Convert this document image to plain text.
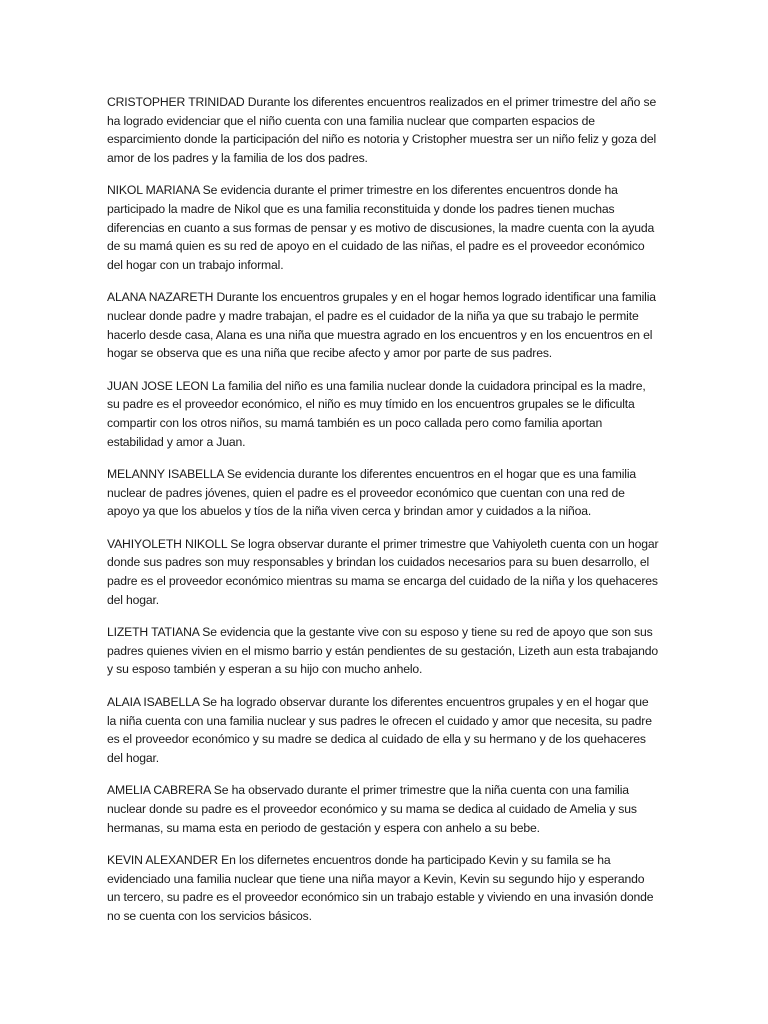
CRISTOPHER TRINIDAD Durante los diferentes encuentros realizados en el primer trimestre del año se ha logrado evidenciar que el niño cuenta con una familia nuclear que comparten espacios de esparcimiento donde la participación del niño es notoria y Cristopher muestra ser un niño feliz y goza del amor de los padres y la familia de los dos padres.

NIKOL MARIANA Se evidencia durante el primer trimestre en los diferentes encuentros donde ha participado la madre de Nikol que es una familia reconstituida y donde los padres tienen muchas diferencias en cuanto a sus formas de pensar y es motivo de discusiones, la madre cuenta con la ayuda de su mamá quien es su red de apoyo en el cuidado de las niñas, el padre es el proveedor económico del hogar con un trabajo informal.

ALANA NAZARETH Durante los encuentros grupales y en el hogar hemos logrado identificar una familia nuclear donde padre y madre trabajan, el padre es el cuidador de la niña ya que su trabajo le permite hacerlo desde casa, Alana es una niña que muestra agrado en los encuentros y en los encuentros en el hogar se observa que es una niña que recibe afecto y amor por parte de sus padres.

JUAN JOSE LEON La familia del niño es una familia nuclear donde la cuidadora principal es la madre, su padre es el proveedor económico, el niño es muy tímido en los encuentros grupales se le dificulta compartir con los otros niños, su mamá también es un poco callada pero como familia aportan estabilidad y amor a Juan.

MELANNY ISABELLA Se evidencia durante los diferentes encuentros en el hogar que es una familia nuclear de padres jóvenes, quien el padre es el proveedor económico que cuentan con una red de apoyo ya que los abuelos y tíos de la niña viven cerca y brindan amor y cuidados a la niñoa.

VAHIYOLETH NIKOLL Se logra observar durante el primer trimestre que Vahiyoleth cuenta con un hogar donde sus padres son muy responsables y brindan los cuidados necesarios para su buen desarrollo, el padre es el proveedor económico mientras su mama se encarga del cuidado de la niña y los quehaceres del hogar.

LIZETH TATIANA Se evidencia que la gestante vive con su esposo y tiene su red de apoyo que son sus padres quienes vivien en el mismo barrio y están pendientes de su gestación, Lizeth aun esta trabajando y su esposo también y esperan a su hijo con mucho anhelo.

ALAIA ISABELLA Se ha logrado observar durante los diferentes encuentros grupales y en el hogar que la niña cuenta con una familia nuclear y sus padres le ofrecen el cuidado y amor que necesita, su padre es el proveedor económico y su madre se dedica al cuidado de ella y su hermano y de los quehaceres del hogar.

AMELIA CABRERA Se ha observado durante el primer trimestre que la niña cuenta con una familia nuclear donde su padre es el proveedor económico y su mama se dedica al cuidado de Amelia y sus hermanas, su mama esta en periodo de gestación y espera con anhelo a su bebe.

KEVIN ALEXANDER En los difernetes encuentros donde ha participado Kevin y su famila se ha evidenciado una familia nuclear que tiene una niña mayor a Kevin, Kevin su segundo hijo y esperando un tercero, su padre es el proveedor económico sin un trabajo estable y viviendo en una invasión donde no se cuenta con los servicios básicos.
